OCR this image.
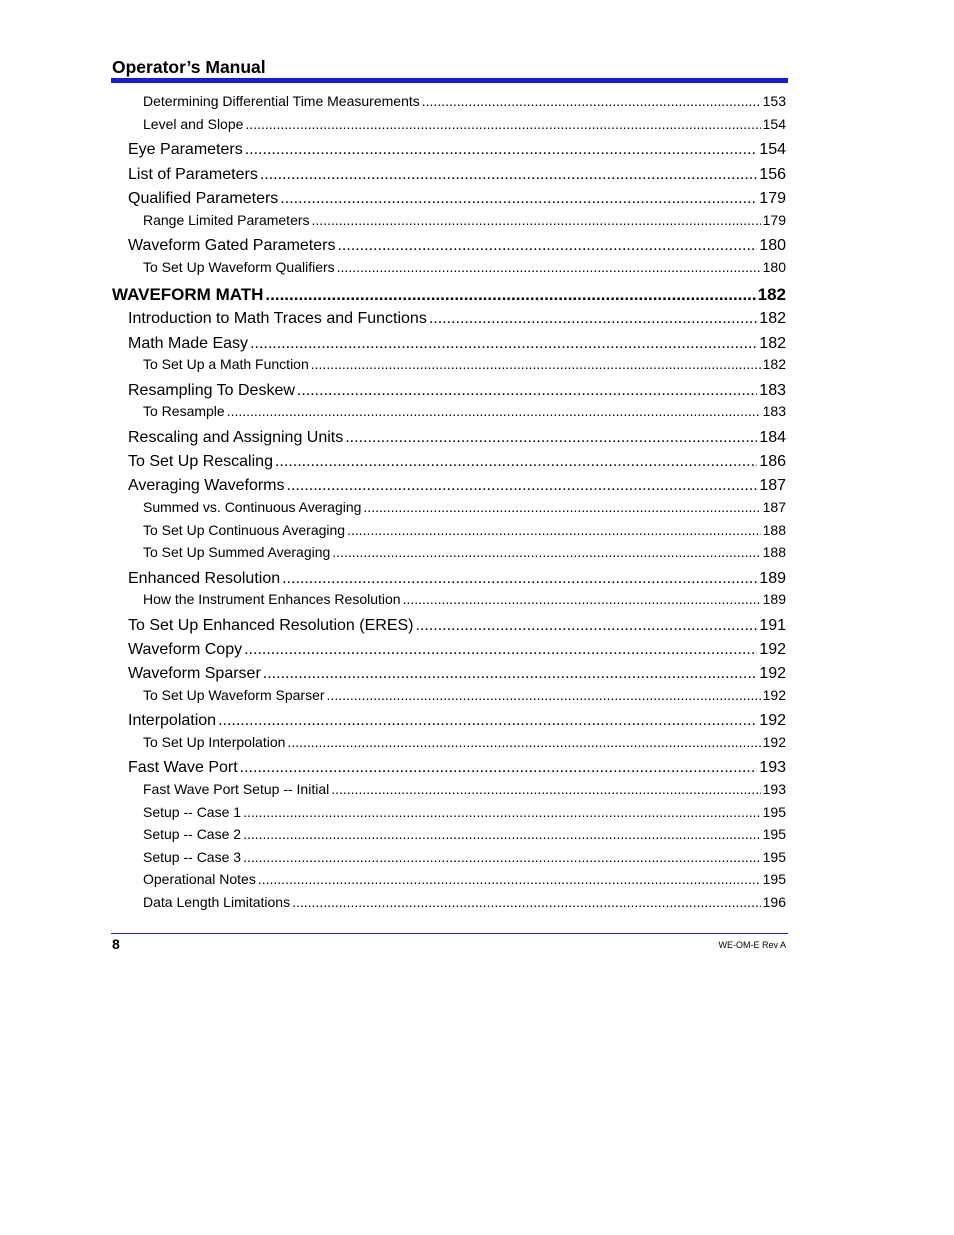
Operator’s Manual
Determining Differential Time Measurements .....	153
Level and Slope .....	154
Eye Parameters .....	154
List of Parameters .....	156
Qualified Parameters .....	179
Range Limited Parameters .....	179
Waveform Gated Parameters .....	180
To Set Up Waveform Qualifiers .....	180
WAVEFORM MATH .....	182
Introduction to Math Traces and Functions .....	182
Math Made Easy .....	182
To Set Up a Math Function .....	182
Resampling To Deskew .....	183
To Resample .....	183
Rescaling and Assigning Units .....	184
To Set Up Rescaling .....	186
Averaging Waveforms .....	187
Summed vs. Continuous Averaging .....	187
To Set Up Continuous Averaging .....	188
To Set Up Summed Averaging .....	188
Enhanced Resolution .....	189
How the Instrument Enhances Resolution .....	189
To Set Up Enhanced Resolution (ERES) .....	191
Waveform Copy .....	192
Waveform Sparser .....	192
To Set Up Waveform Sparser .....	192
Interpolation .....	192
To Set Up Interpolation .....	192
Fast Wave Port .....	193
Fast Wave Port Setup -- Initial .....	193
Setup -- Case 1 .....	195
Setup -- Case 2 .....	195
Setup -- Case 3 .....	195
Operational Notes .....	195
Data Length Limitations .....	196
8	WE-OM-E Rev A
